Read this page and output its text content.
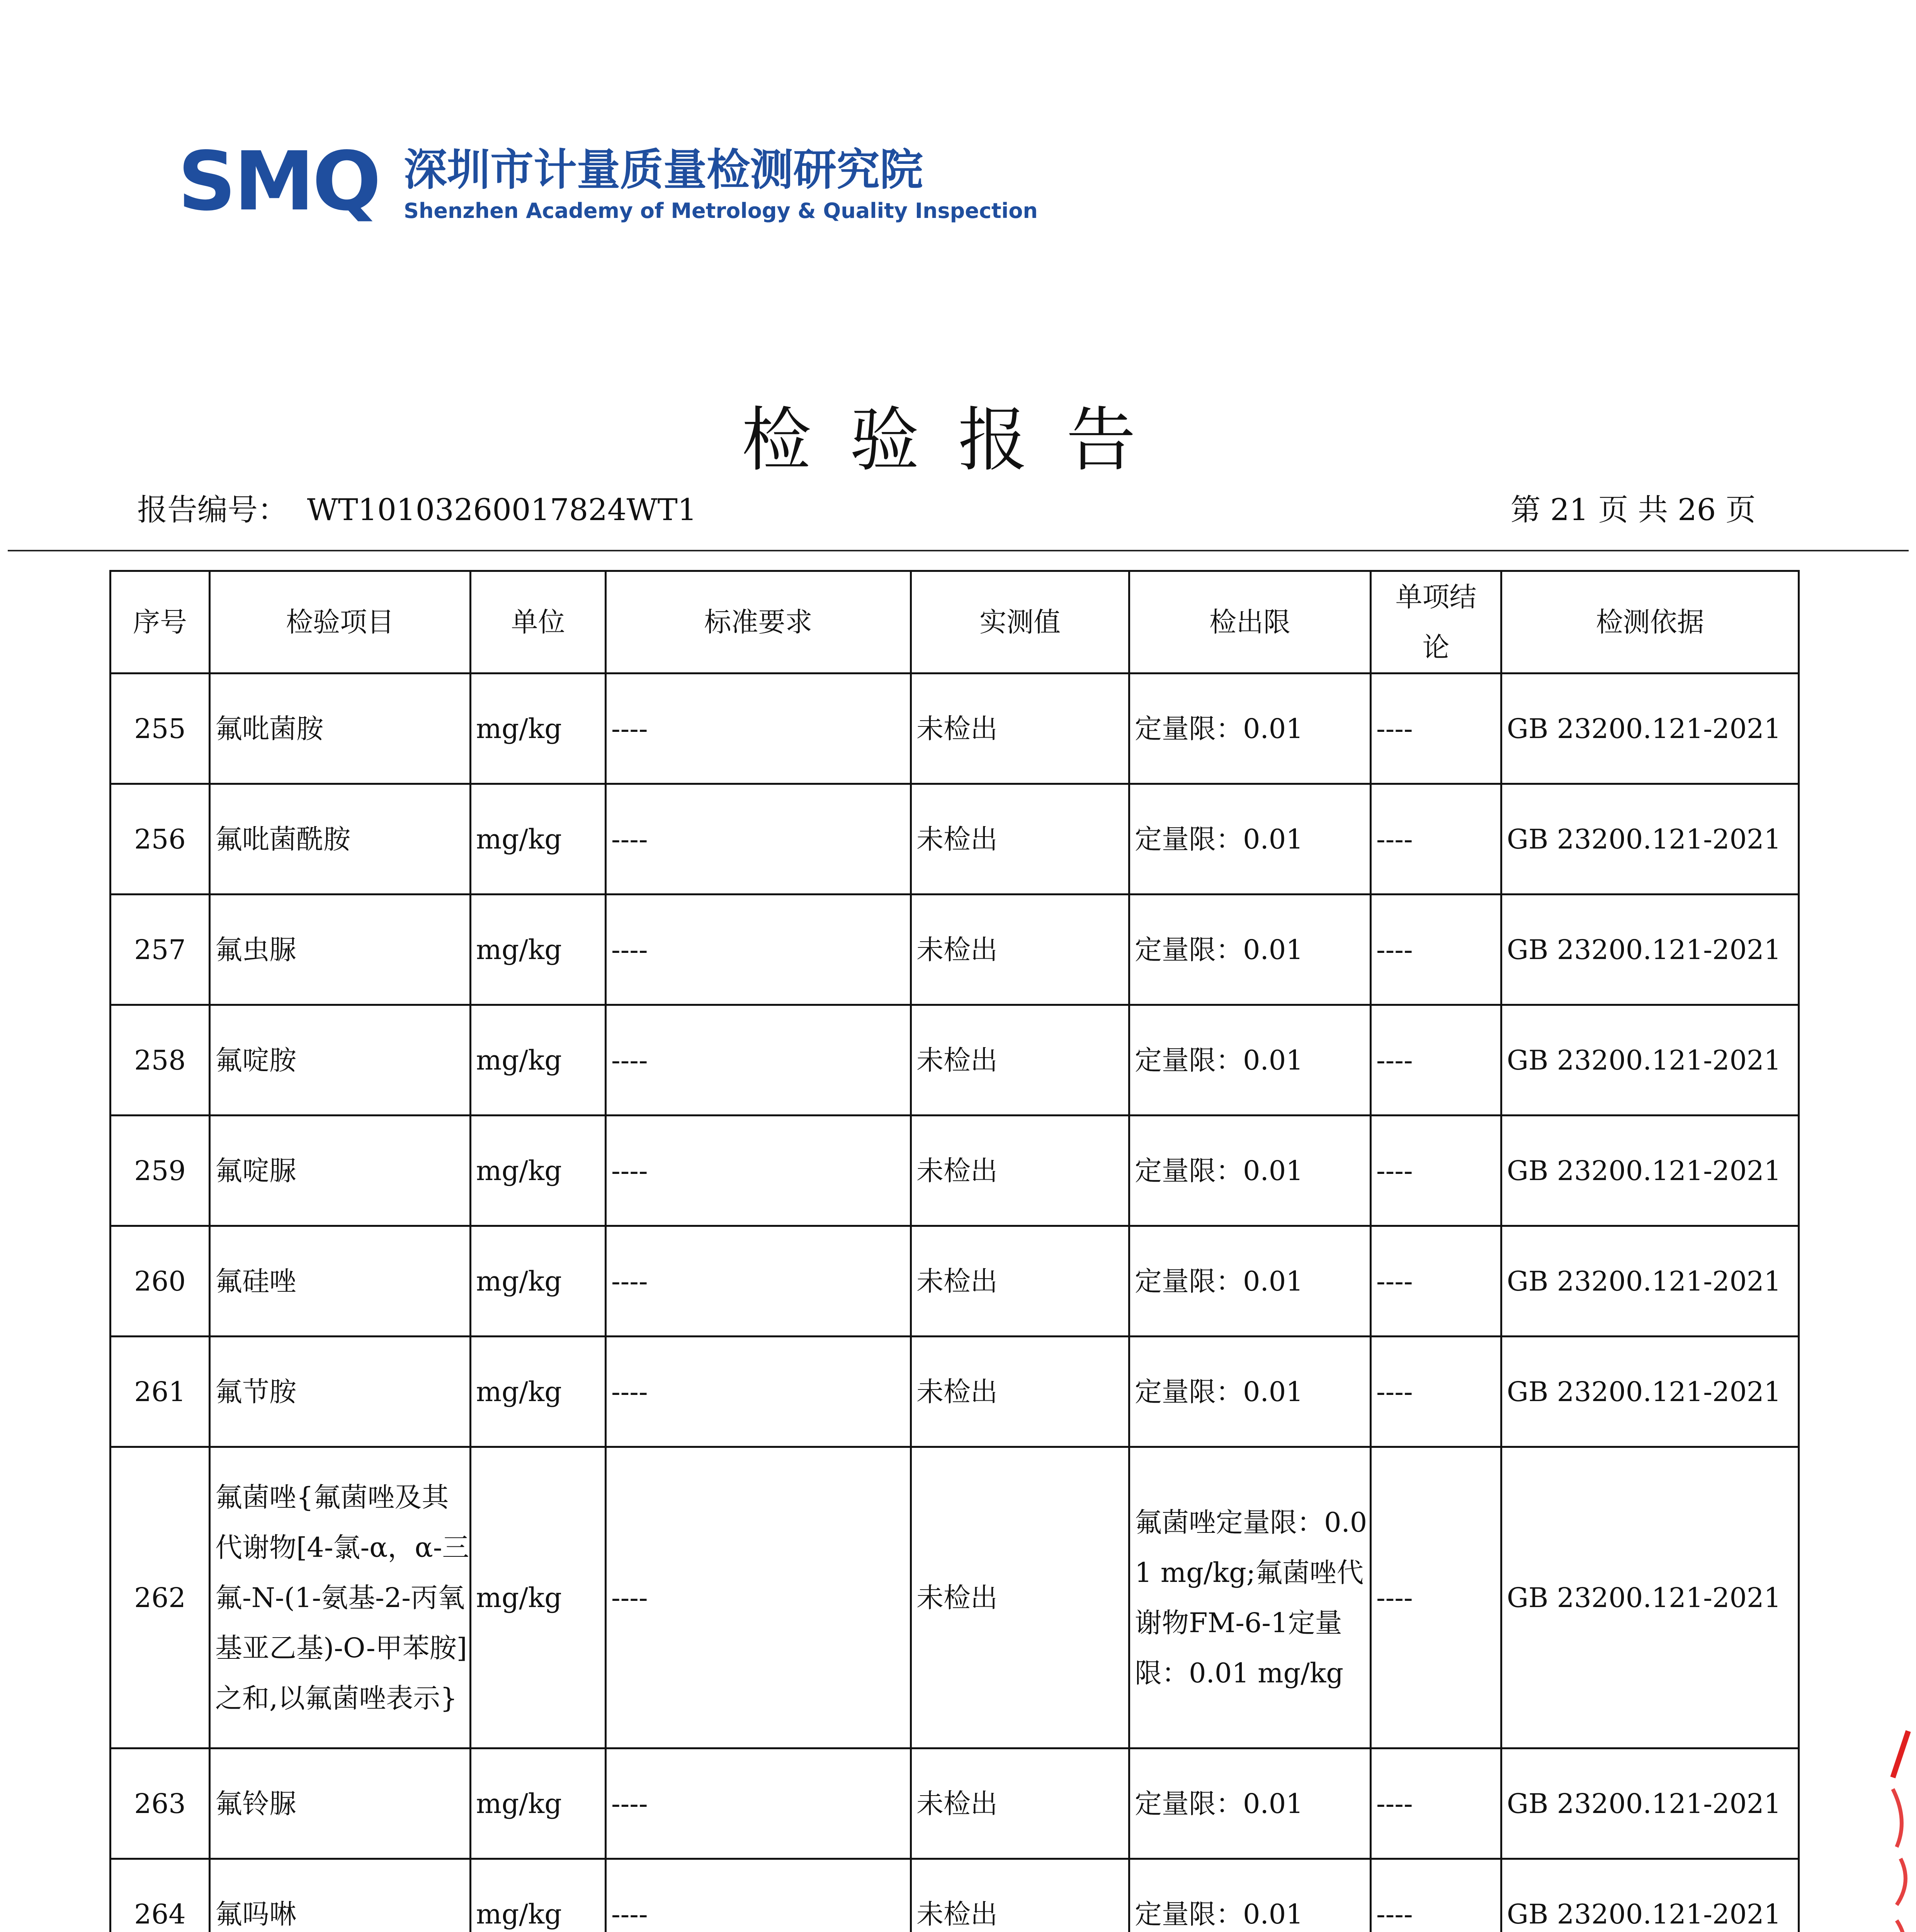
SMQ 深圳市计量质量检测研究院
Shenzhen Academy of Metrology & Quality Inspection
检验报告
报告编号： WT10103260017824WT1	第 21 页 共 26 页
序号	检验项目	单位	标准要求	实测值	检出限	单项结论	检测依据

255	氟吡菌胺	mg/kg	----	未检出	定量限：0.01	----	GB 23200.121-2021

256	氟吡菌酰胺	mg/kg	----	未检出	定量限：0.01	----	GB 23200.121-2021

257	氟虫脲	mg/kg	----	未检出	定量限：0.01	----	GB 23200.121-2021

258	氟啶胺	mg/kg	----	未检出	定量限：0.01	----	GB 23200.121-2021

259	氟啶脲	mg/kg	----	未检出	定量限：0.01	----	GB 23200.121-2021

260	氟硅唑	mg/kg	----	未检出	定量限：0.01	----	GB 23200.121-2021

261	氟节胺	mg/kg	----	未检出	定量限：0.01	----	GB 23200.121-2021

262	氟菌唑{氟菌唑及其代谢物[4-氯-α，α-三氟-N-(1-氨基-2-丙氧基亚乙基)-O-甲苯胺]之和,以氟菌唑表示}	mg/kg	----	未检出	氟菌唑定量限：0.01 mg/kg;氟菌唑代谢物FM-6-1定量限：0.01 mg/kg	----	GB 23200.121-2021

263	氟铃脲	mg/kg	----	未检出	定量限：0.01	----	GB 23200.121-2021

264	氟吗啉	mg/kg	----	未检出	定量限：0.01	----	GB 23200.121-2021
